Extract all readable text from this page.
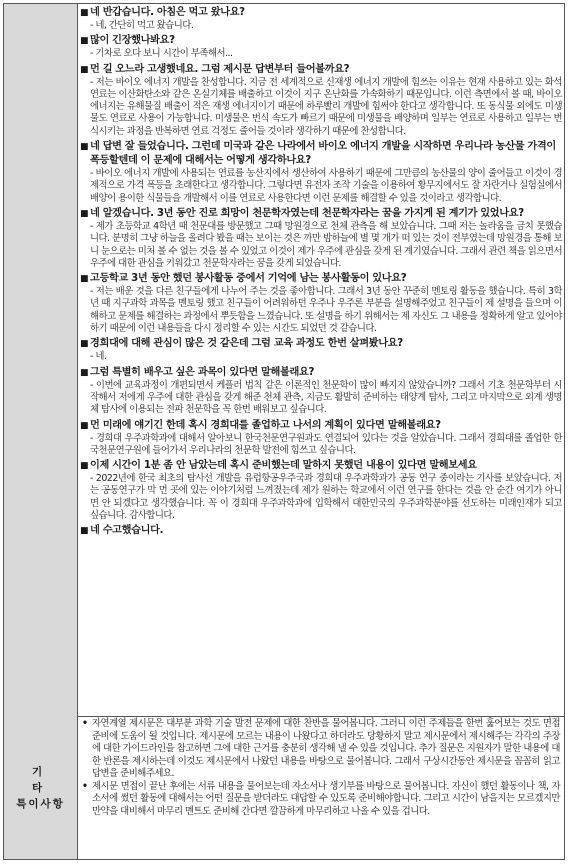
■ 네 반갑습니다. 아침은 먹고 왔나요?
- 네, 간단히 먹고 왔습니다.
■ 많이 긴장했나봐요?
- 기차로 오다 보니 시간이 부족해서...
■ 먼 길 오느라 고생했네요. 그럼 제시문 답변부터 들어볼까요?
- 저는 바이오 에너지 개발을 찬성합니다. 지금 전 세계적으로 신재생 에너지 개발에 힘쓰는 이유는 현재 사용하고 있는 화석연료는 이산화탄소와 같은 온실기체를 배출하고 이것이 지구 온난화를 가속화하기 때문입니다. 이런 측면에서 볼 때, 바이오 에너지는 유해물질 배출이 적은 재생 에너지이기 때문에 하루빨리 개발에 힘써야 한다고 생각합니다. 또 동식물 외에도 미생물도 연료로 사용이 가능합니다. 미생물은 번식 속도가 빠르기 때문에 미생물을 배양하며 일부는 연료로 사용하고 일부는 번식시키는 과정을 반복하면 연료 걱정도 줄어들 것이라 생각하기 때문에 찬성합니다.
■ 네 답변 잘 들었습니다. 그런데 미국과 같은 나라에서 바이오 에너지 개발을 시작하면 우리나라 농산물 가격이 폭등할텐데 이 문제에 대해서는 어떻게 생각하나요?
- 바이오 에너지 개발에 사용되는 연료를 농산지에서 생산하여 사용하기 때문에 그만큼의 농산물의 양이 줄어들고 이것이 경제적으로 가격 폭등을 초래한다고 생각합니다. 그렇다면 유전자 조작 기술을 이용하여 황무지에서도 잘 자란거나 실험실에서 배양이 용이한 식물들을 개발해서 이를 연료로 사용한다면 이런 문제를 해결할 수 있을 것이라고 생각합니다.
■ 네 알겠습니다. 3년 동안 진로 희망이 천문학자였는데 천문학자라는 꿈을 가지게 된 계기가 있었나요?
- 제가 초등학교 4학년 때 천문대를 방문했고 그때 망원경으로 천체 관측을 해 보았습니다. 그때 저는 놀라움을 금치 못했습니다. 분명히 그냥 하늘을 올려다 봤을 때는 보이는 것은 까만 밤하늘에 별 몇 개가 떠 있는 것이 전부였는데 망원경을 통해 보니 눈으로는 미처 볼 수 없는 것을 볼 수 있었고 이것이 제가 우주에 관심을 갖게 된 계기였습니다. 그래서 관련 책을 읽으면서 우주에 대한 관심을 키워갔고 천문학자라는 꿈을 갖게 되었습니다.
■ 고등학교 3년 동안 했던 봉사활동 중에서 기억에 남는 봉사활동이 있나요?
- 저는 배운 것을 다른 친구들에게 나누어 주는 것을 좋아합니다. 그래서 3년 동안 꾸준히 멘토링 활동을 했습니다. 특히 3학년 때 지구과학 과목을 멘토링 했고 친구들이 어려워하던 우주나 우주론 부분을 설명해주었고 친구들이 제 설명을 들으며 이해하고 문제를 해결하는 과정에서 뿌듯함을 느꼈습니다. 또 설명을 하기 위해서는 제 자신도 그 내용을 정확하게 알고 있어야 하기 때문에 이런 내용들을 다시 정리할 수 있는 시간도 되었던 것 같습니다.
■ 경희대에 대해 관심이 많은 것 같은데 그럼 교육 과정도 한번 살펴봤나요?
- 네.
■ 그럼 특별히 배우고 싶은 과목이 있다면 말해볼래요?
- 이번에 교육과정이 개편되면서 케플러 법칙 같은 이론적인 천문학이 많이 빠지지 않았습니까? 그래서 기초 천문학부터 시작해서 저에게 우주에 대한 관심을 갖게 해준 천체 관측, 지금도 활발히 준비하는 태양계 탐사, 그리고 마지막으로 외계 생명체 탐사에 이용되는 전파 천문학을 꼭 한번 배워보고 싶습니다.
■ 먼 미래에 얘기긴 한데 혹시 경희대를 졸업하고 나서의 계획이 있다면 말해볼래요?
- 경희대 우주과학과에 대해서 알아보니 한국천문연구원과도 연결되어 있다는 것을 알았습니다. 그래서 경희대를 졸업한 한국천문연구원에 들어가서 우리나라의 천문학 발전에 힘쓰고 싶습니다.
■ 이제 시간이 1분 좀 안 남았는데 혹시 준비했는데 말하지 못했던 내용이 있다면 말해보세요
- 2022년에 한국 최초의 탐사선 개발을 유럽항공우주국과 경희대 우주과학과가 공동 연구 중이라는 기사를 보았습니다. 저는 공동연구가 막 먼 곳에 있는 이야기처럼 느껴졌는데 제가 원하는 학교에서 이런 연구를 한다는 것을 안 순간 여기가 아니면 안 되겠다고 생각했습니다. 꼭 이 경희대 우주과학과에 입학해서 대한민국의 우주과학분야를 선도하는 미래인재가 되고 싶습니다. 감사합니다.
■ 네 수고했습니다.
기 타
특이사항
• 자연계열 제시문은 대부분 과학 기술 발전 문제에 대한 찬반을 물어봅니다. 그러니 이런 주제들을 한번 훑어보는 것도 면접 준비에 도움이 될 것입니다. 제시문에 모르는 내용이 나왔다고 하더라도 당황하지 말고 제시문에서 제시해주는 각각의 주장에 대한 가이드라인을 참고하면 그에 대한 근거를 충분히 생각해 낼 수 있을 것입니다. 추가 질문은 지원자가 말한 내용에 대한 반론을 제시하는데 이것도 제시문에서 나왔던 내용을 바탕으로 물어봅니다. 그래서 구상시간동안 제시문을 꼼꼼히 읽고 답변을 준비해주세요.
• 제시문 면접이 끝난 후에는 서류 내용을 물어보는데 자소서나 생기부를 바탕으로 물어봅니다. 자신이 했던 활동이나 책, 자소서에 썼던 활동에 대해서는 어떤 질문을 받더라도 대답할 수 있도록 준비해야합니다. 그리고 시간이 남을지는 모르겠지만 만약을 대비해서 마무리 멘트도 준비해 간다면 깔끔하게 마무리하고 나올 수 있을 겁니다.
